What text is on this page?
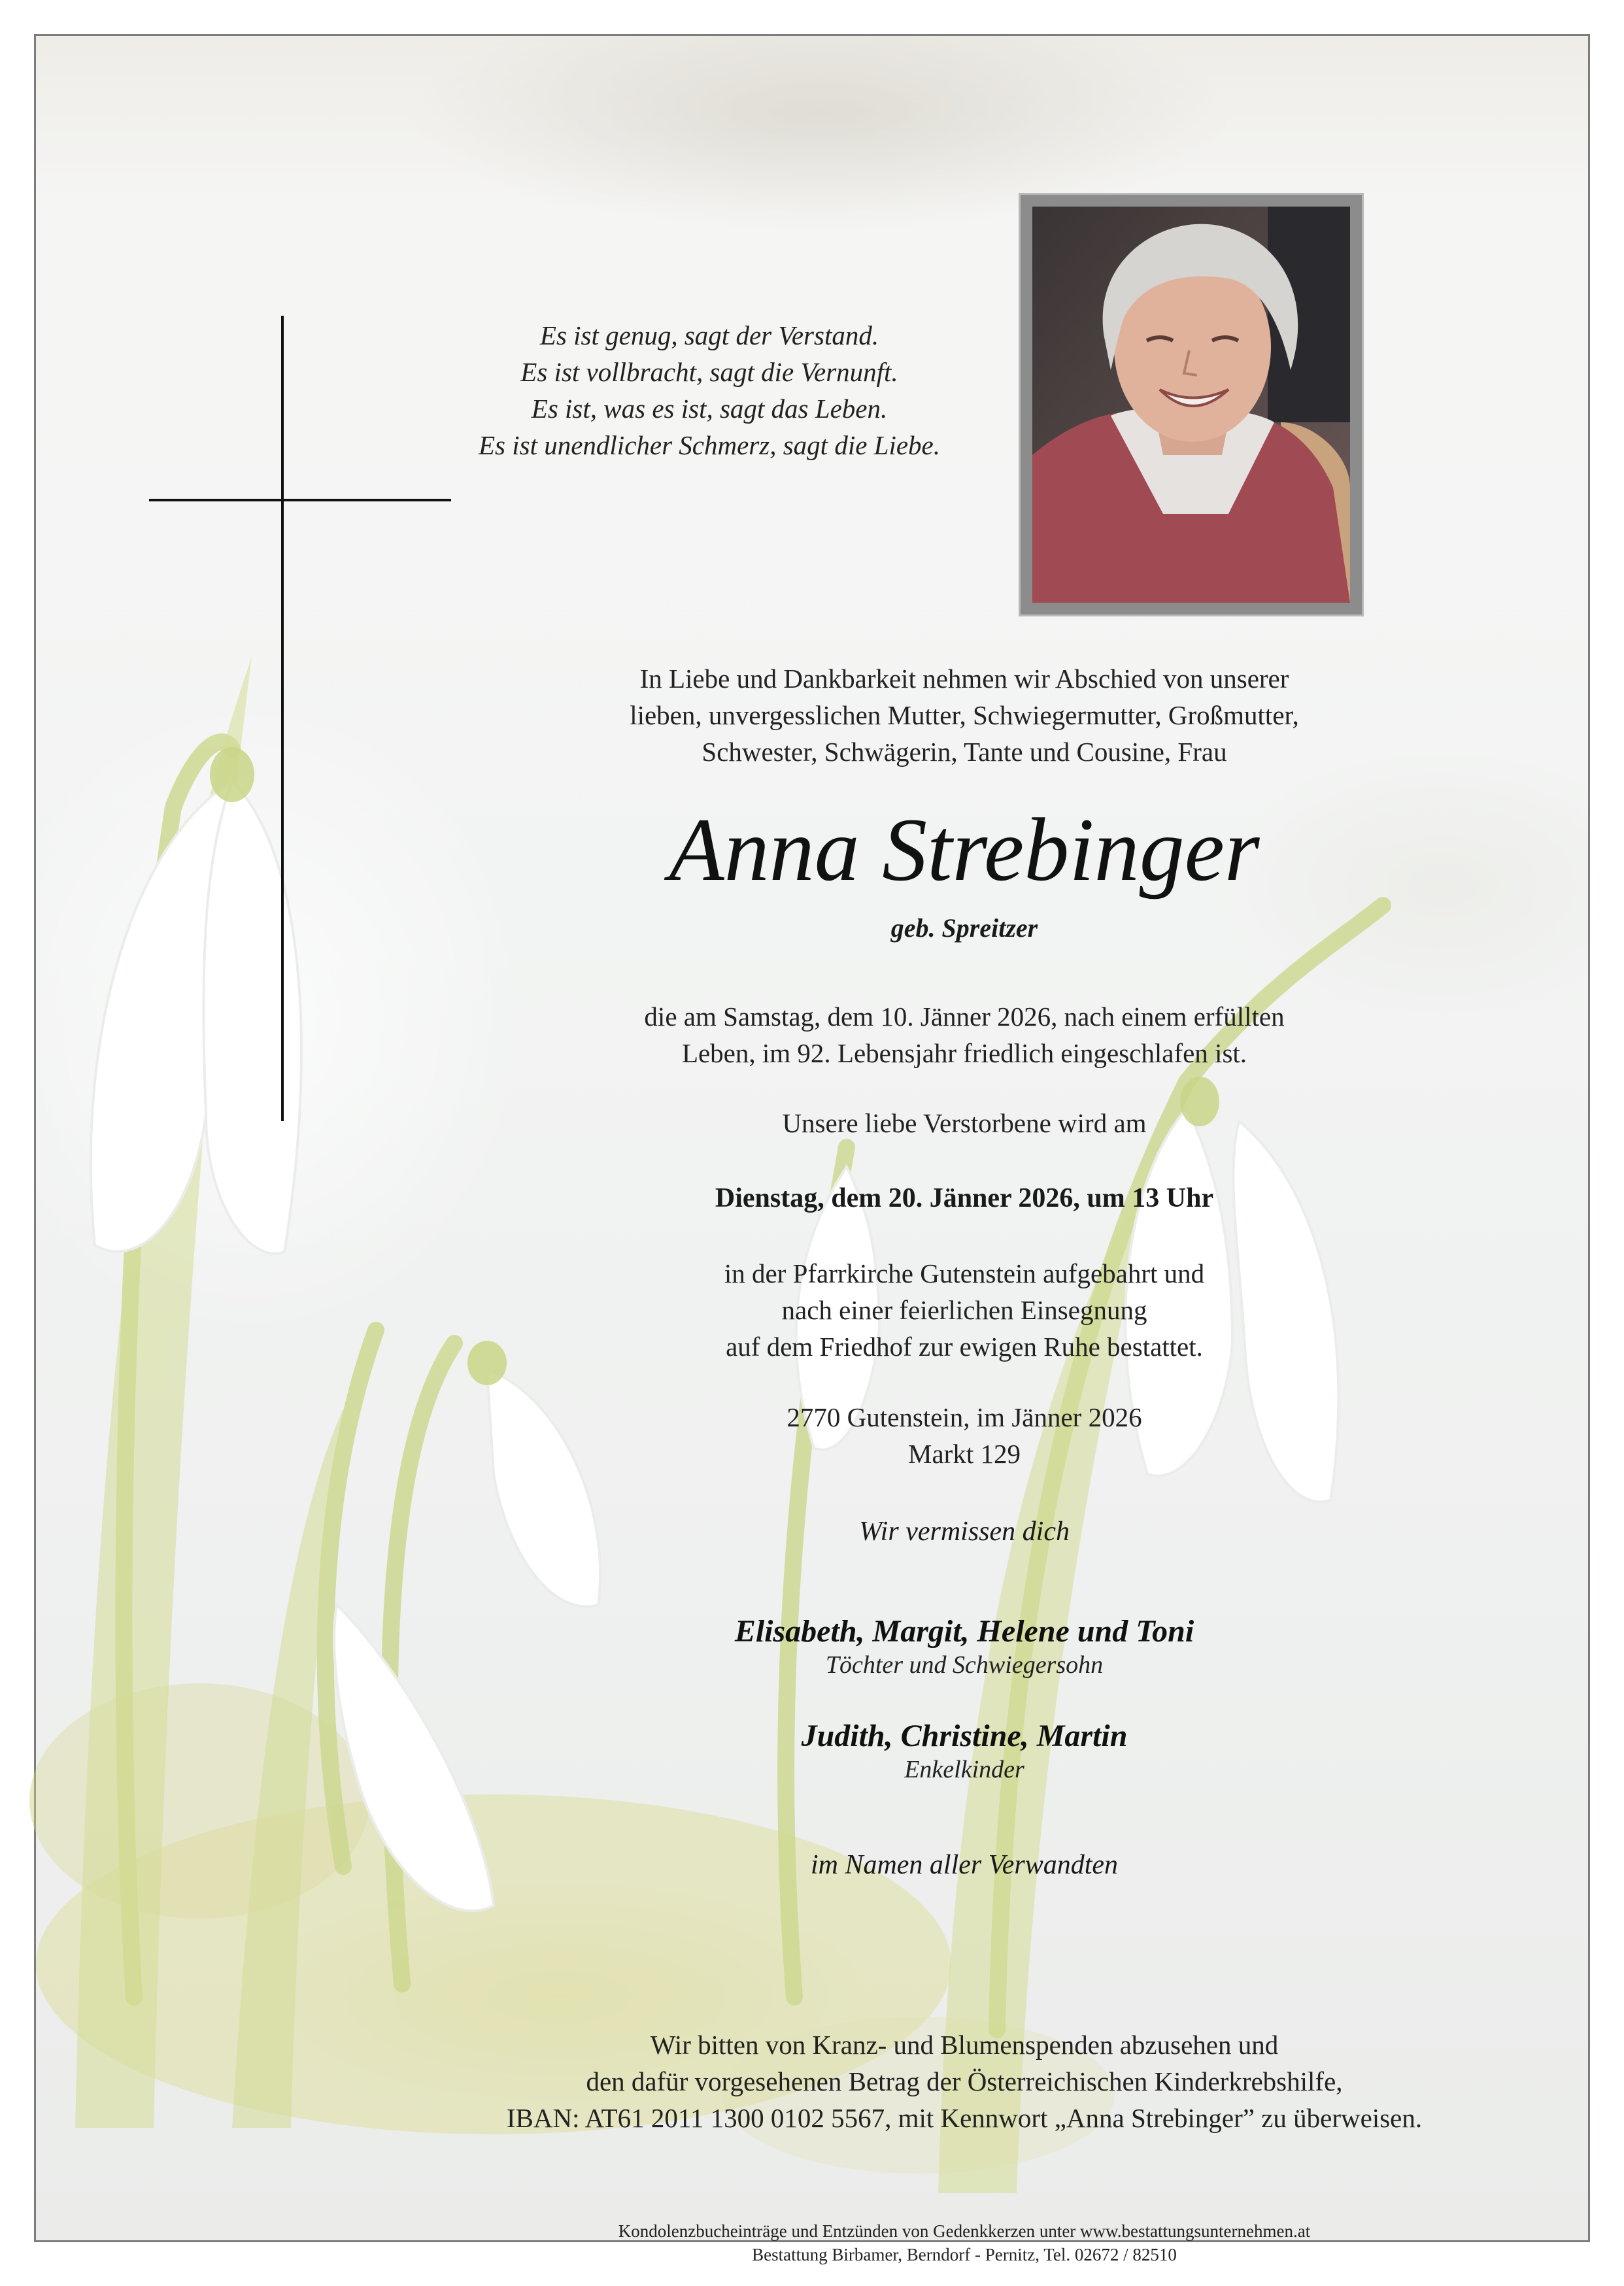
Es ist genug, sagt der Verstand.
Es ist vollbracht, sagt die Vernunft.
Es ist, was es ist, sagt das Leben.
Es ist unendlicher Schmerz, sagt die Liebe.
In Liebe und Dankbarkeit nehmen wir Abschied von unserer
lieben, unvergesslichen Mutter, Schwiegermutter, Großmutter,
Schwester, Schwägerin, Tante und Cousine, Frau
Anna Strebinger
geb. Spreitzer
die am Samstag, dem 10. Jänner 2026, nach einem erfüllten
Leben, im 92. Lebensjahr friedlich eingeschlafen ist.
Unsere liebe Verstorbene wird am
Dienstag, dem 20. Jänner 2026, um 13 Uhr
in der Pfarrkirche Gutenstein aufgebahrt und
nach einer feierlichen Einsegnung
auf dem Friedhof zur ewigen Ruhe bestattet.
2770 Gutenstein, im Jänner 2026
Markt 129
Wir vermissen dich
Elisabeth, Margit, Helene und Toni
Töchter und Schwiegersohn
Judith, Christine, Martin
Enkelkinder
im Namen aller Verwandten
Wir bitten von Kranz- und Blumenspenden abzusehen und
den dafür vorgesehenen Betrag der Österreichischen Kinderkrebshilfe,
IBAN: AT61 2011 1300 0102 5567, mit Kennwort „Anna Strebinger” zu überweisen.
Kondolenzbucheinträge und Entzünden von Gedenkkerzen unter www.bestattungsunternehmen.at
Bestattung Birbamer, Berndorf - Pernitz, Tel. 02672 / 82510
